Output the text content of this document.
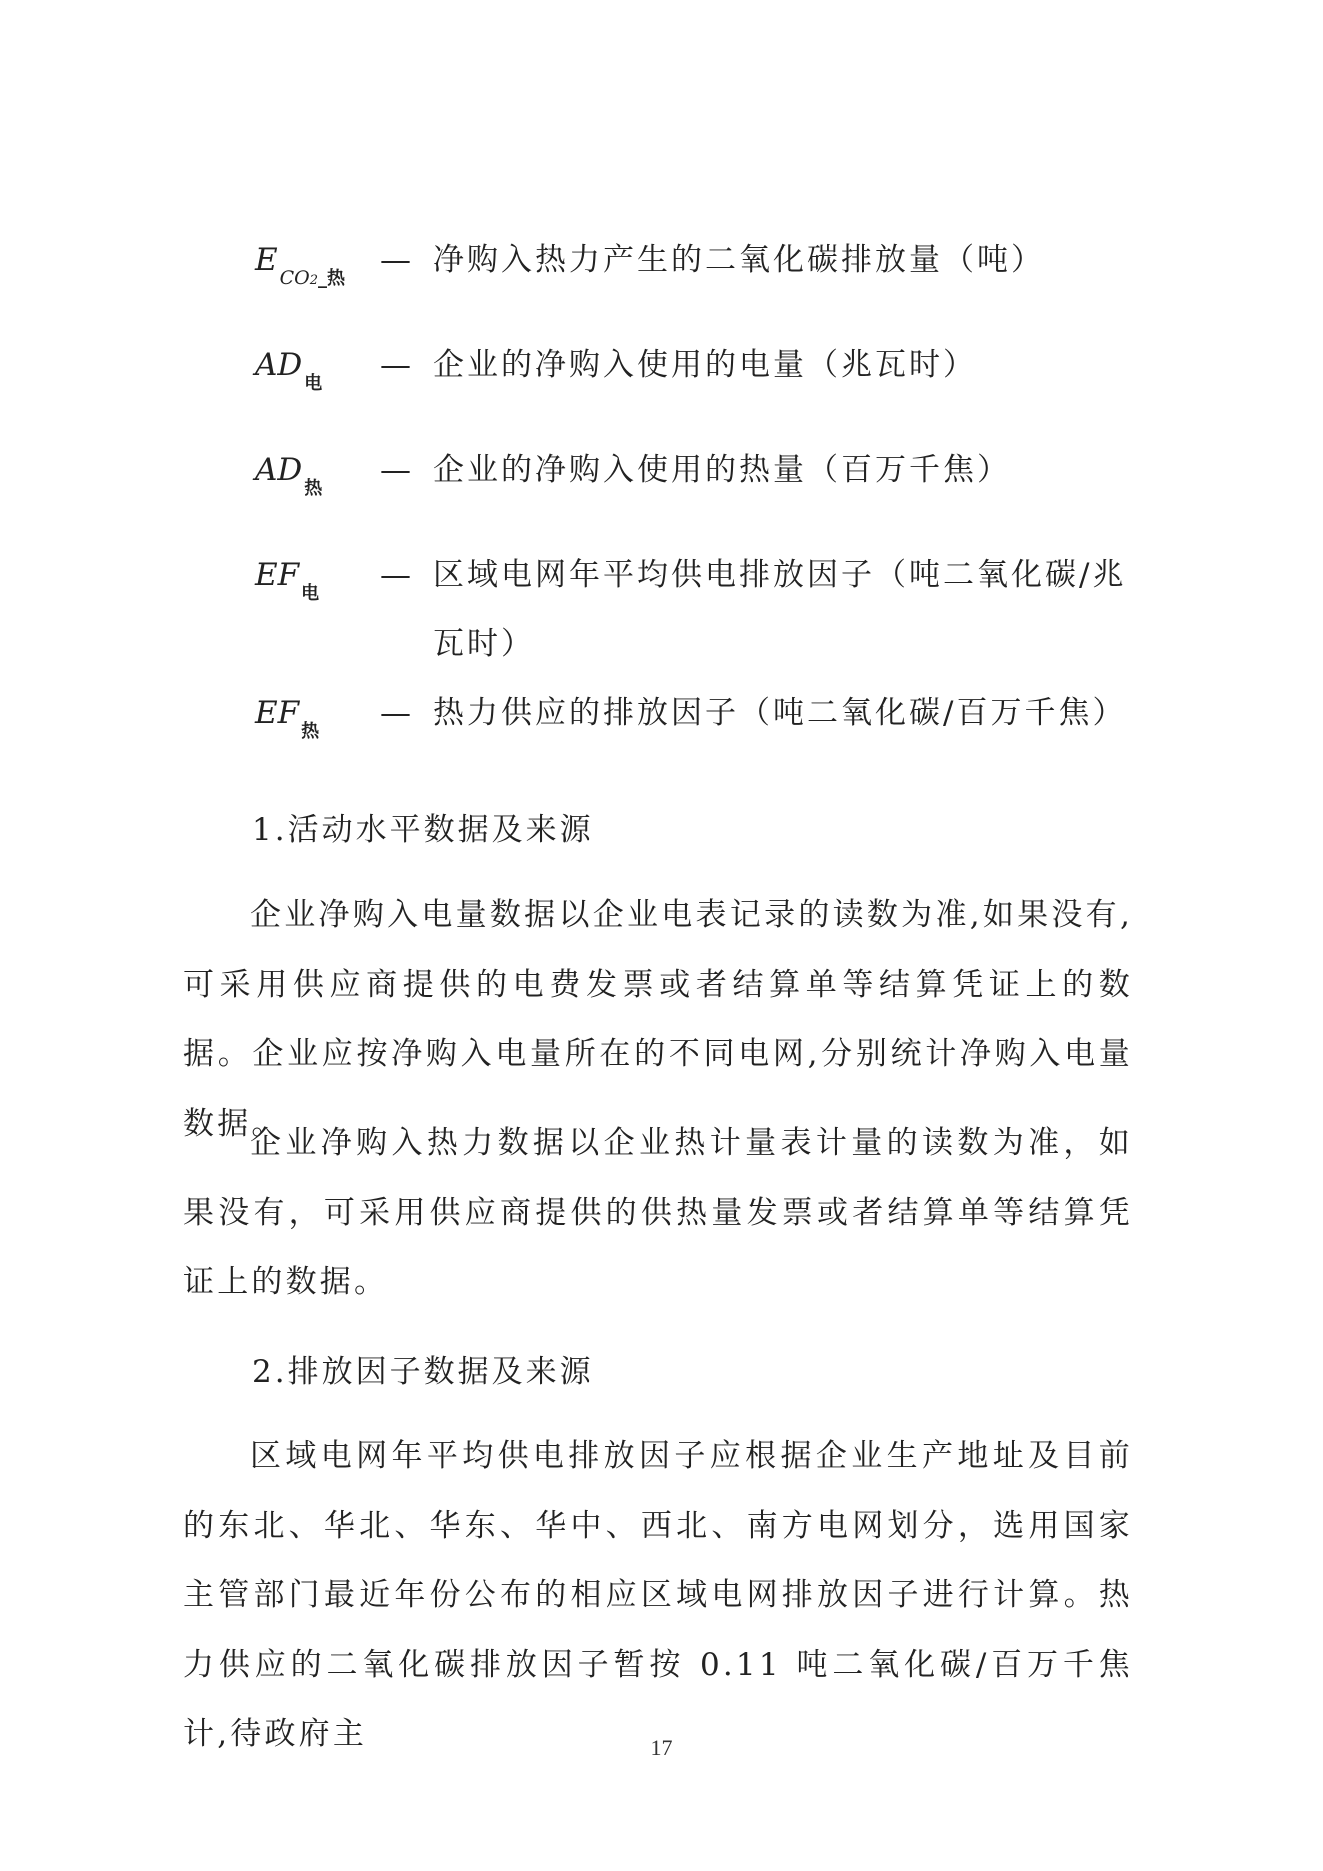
E $_{CO2\_热}$
— 净购入热力产生的二氧化碳排放量（吨）
$AD_电$
— 企业的净购入使用的电量（兆瓦时）
$AD_热$
— 企业的净购入使用的热量（百万千焦）
$EF_电$
— 区域电网年平均供电排放因子（吨二氧化碳/兆瓦时）
$EF_热$
— 热力供应的排放因子（吨二氧化碳/百万千焦）
1.活动水平数据及来源

企业净购入电量数据以企业电表记录的读数为准,如果没有,可采用供应商提供的电费发票或者结算单等结算凭证上的数据。企业应按净购入电量所在的不同电网,分别统计净购入电量数据。

企业净购入热力数据以企业热计量表计量的读数为准，如果没有，可采用供应商提供的供热量发票或者结算单等结算凭证上的数据。

2.排放因子数据及来源

区域电网年平均供电排放因子应根据企业生产地址及目前的东北、华北、华东、华中、西北、南方电网划分，选用国家主管部门最近年份公布的相应区域电网排放因子进行计算。热力供应的二氧化碳排放因子暂按 0.11 吨二氧化碳/百万千焦计,待政府主	17
